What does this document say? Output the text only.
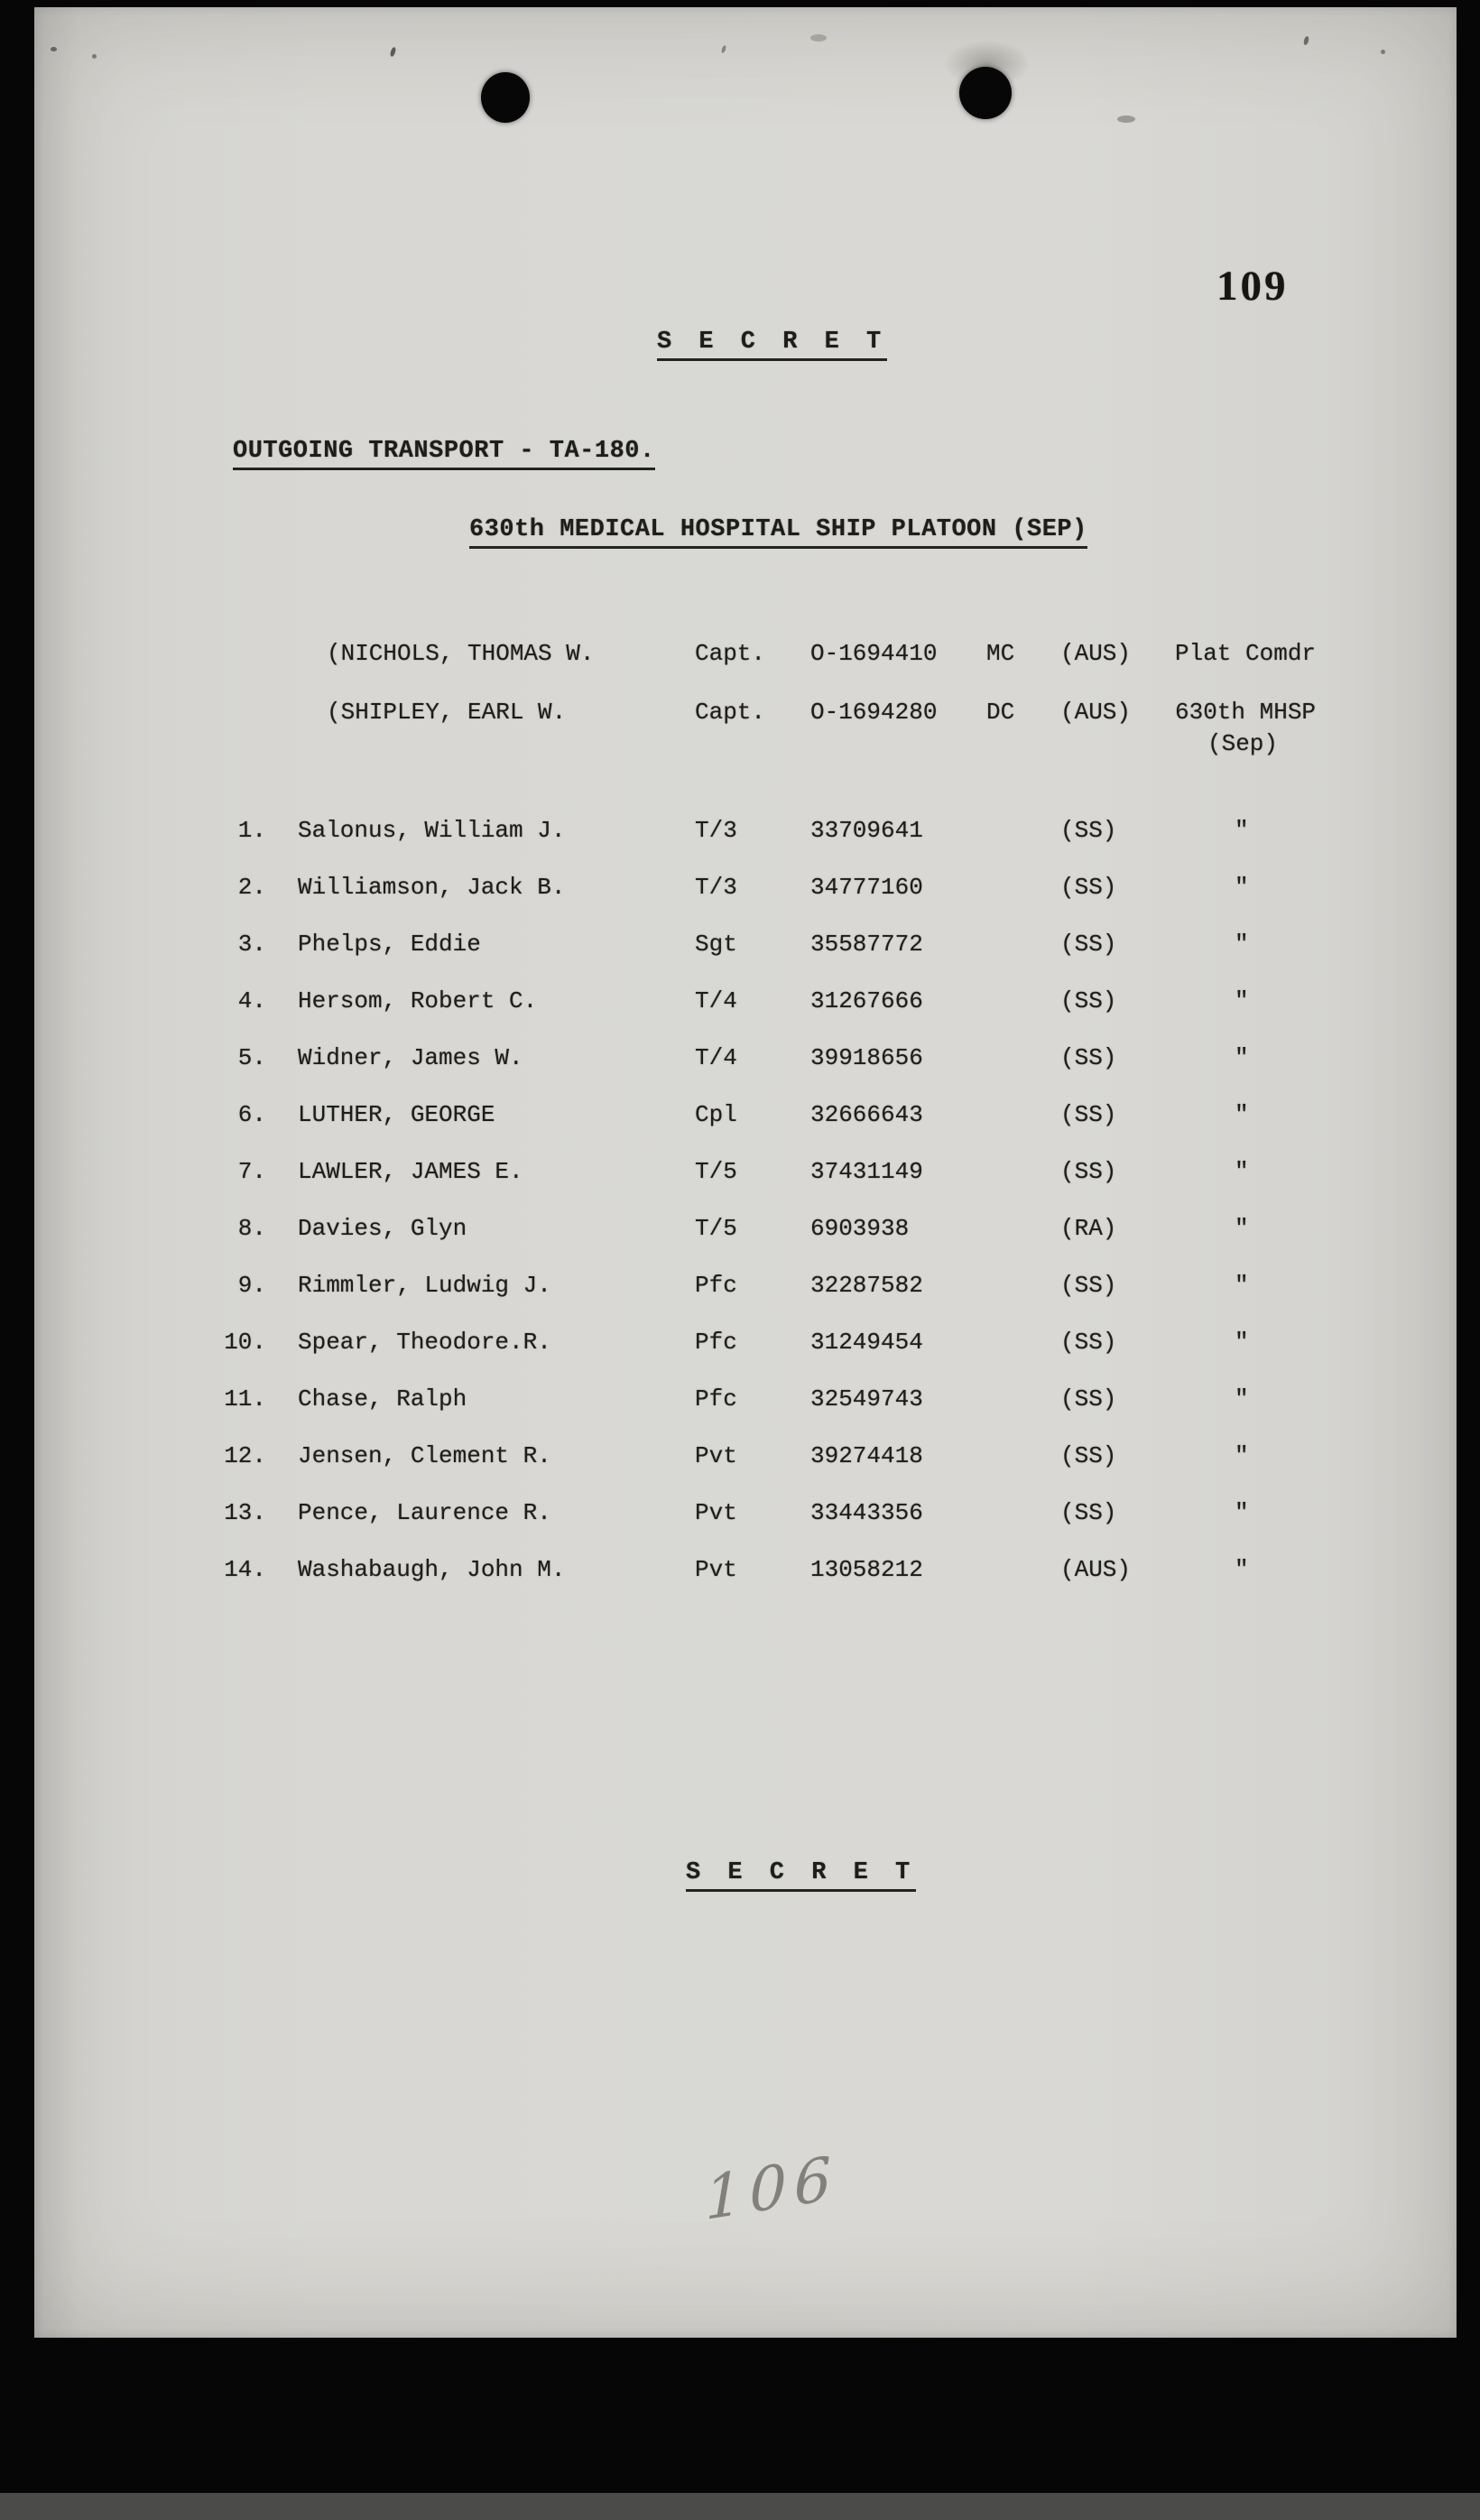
109
S E C R E T
OUTGOING TRANSPORT - TA-180.
630th MEDICAL HOSPITAL SHIP PLATOON (SEP)
(NICHOLS, THOMAS W.	Capt. O-1694410 MC (AUS) Plat Comdr
(SHIPLEY, EARL W.	Capt. O-1694280 DC (AUS) 630th MHSP
(Sep)
1. Salonus, William J.	T/3	33709641	(SS)	"
2. Williamson, Jack B.	T/3	34777160	(SS)	"
3. Phelps, Eddie	Sgt	35587772	(SS)	"
4. Hersom, Robert C.	T/4	31267666	(SS)	"
5. Widner, James W.	T/4	39918656	(SS)	"
6. LUTHER, GEORGE	Cpl	32666643	(SS)	"
7. LAWLER, JAMES E.	T/5	37431149	(SS)	"
8. Davies, Glyn	T/5	6903938	(RA)	"
9. Rimmler, Ludwig J.	Pfc	32287582	(SS)	"
10. Spear, Theodore.R.	Pfc	31249454	(SS)	"
11. Chase, Ralph	Pfc	32549743	(SS)	"
12. Jensen, Clement R.	Pvt	39274418	(SS)	"
13. Pence, Laurence R.	Pvt	33443356	(SS)	"
14. Washabaugh, John M.	Pvt	13058212	(AUS)	"
S E C R E T
106
